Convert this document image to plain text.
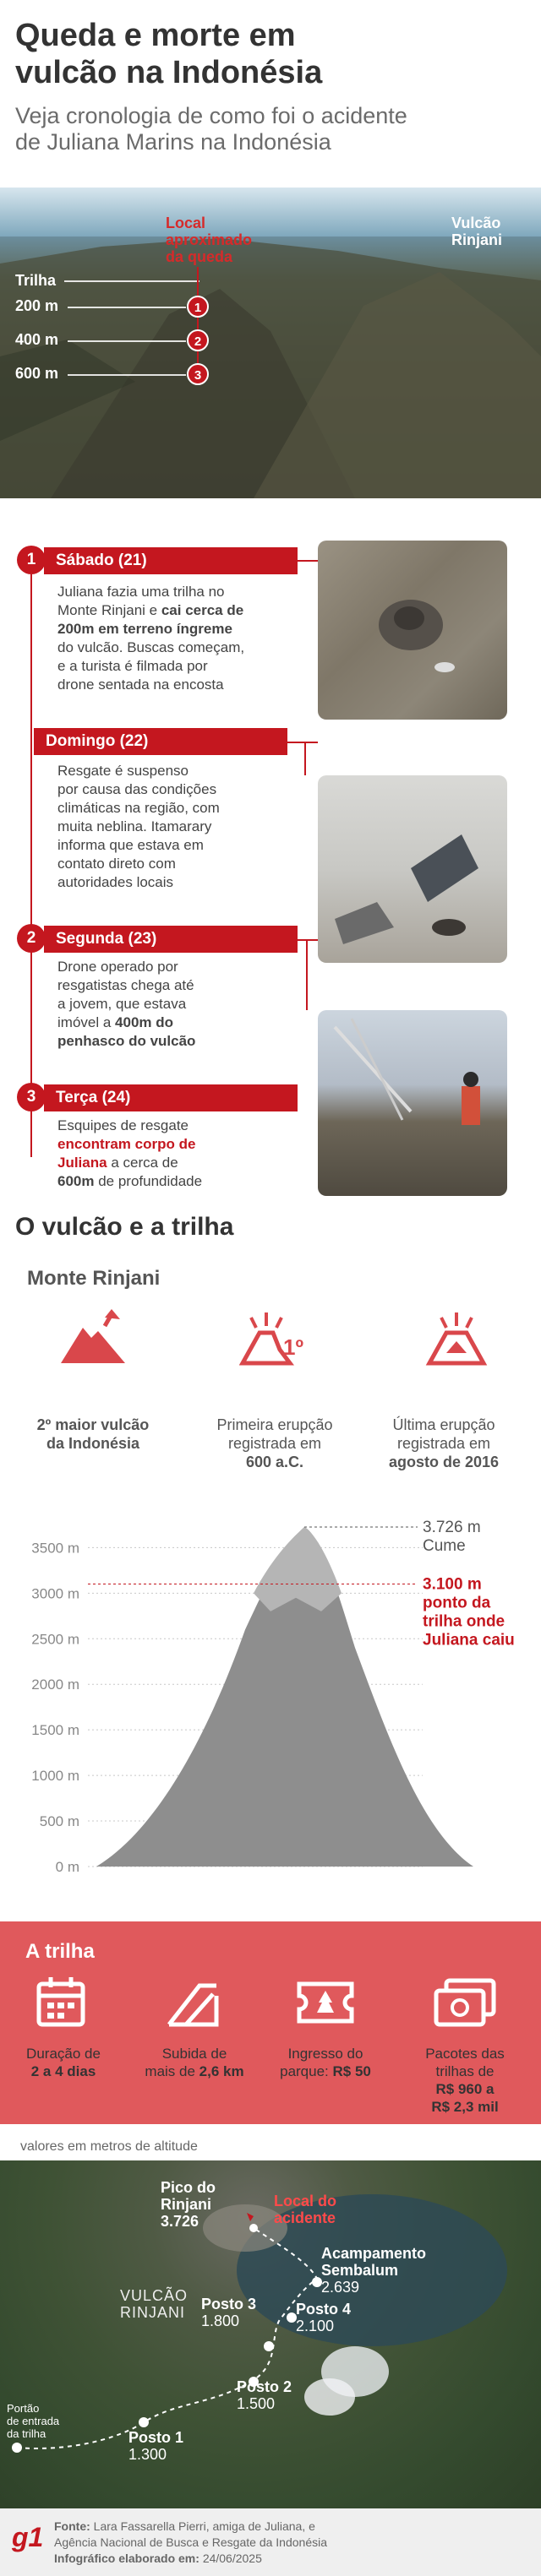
Queda e morte em
vulcão na Indonésia
Veja cronologia de como foi o acidente
de Juliana Marins na Indonésia
Local
aproximado
da queda
Vulcão
Rinjani
Trilha
200 m
400 m
600 m
1
2
3
1	Sábado (21)
Juliana fazia uma trilha no
Monte Rinjani e cai cerca de
200m em terreno íngreme
do vulcão. Buscas começam,
e a turista é filmada por
drone sentada na encosta
Domingo (22)
Resgate é suspenso
por causa das condições
climáticas na região, com
muita neblina. Itamarary
informa que estava em
contato direto com
autoridades locais
2	Segunda (23)
Drone operado por
resgatistas chega até
a jovem, que estava
imóvel a 400m do
penhasco do vulcão
3	Terça (24)
Esquipes de resgate
encontram corpo de
Juliana a cerca de
600m de profundidade
O vulcão e a trilha
Monte Rinjani
1º
2º maior vulcão
da Indonésia
Primeira erupção
registrada em
600 a.C.
Última erupção
registrada em
agosto de 2016
0 m
500 m
1000 m
1500 m
2000 m
2500 m
3000 m
3500 m
3.726 m
Cume
3.100 m
ponto da
trilha onde
Juliana caiu
A trilha
Duração de
2 a 4 dias
Subida de
mais de 2,6 km
Ingresso do
parque: R$ 50
Pacotes das
trilhas de
R$ 960 a
R$ 2,3 mil
valores em metros de altitude
Pico do
Rinjani
3.726
Local do
acidente
Acampamento
Sembalum
2.639
VULCÃO
RINJANI Posto 3
1.800
Posto 4
2.100
Posto 2
1.500
Posto 1
1.300
Portão
de entrada
da trilha
g1 Fonte: Lara Fassarella Pierri, amiga de Juliana, e
Agência Nacional de Busca e Resgate da Indonésia
Infográfico elaborado em: 24/06/2025
